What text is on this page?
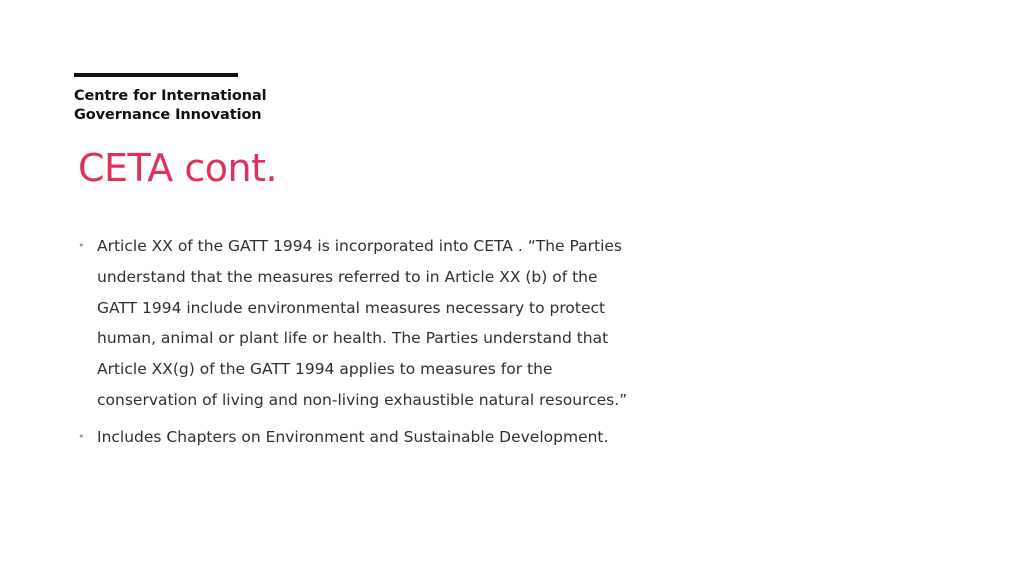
Centre for International
Governance Innovation
CETA cont.
• Article XX of the GATT 1994 is incorporated into CETA . “The Parties understand that the measures referred to in Article XX (b) of the GATT 1994 include environmental measures necessary to protect human, animal or plant life or health. The Parties understand that Article XX(g) of the GATT 1994 applies to measures for the conservation of living and non-living exhaustible natural resources.”
• Includes Chapters on Environment and Sustainable Development.
